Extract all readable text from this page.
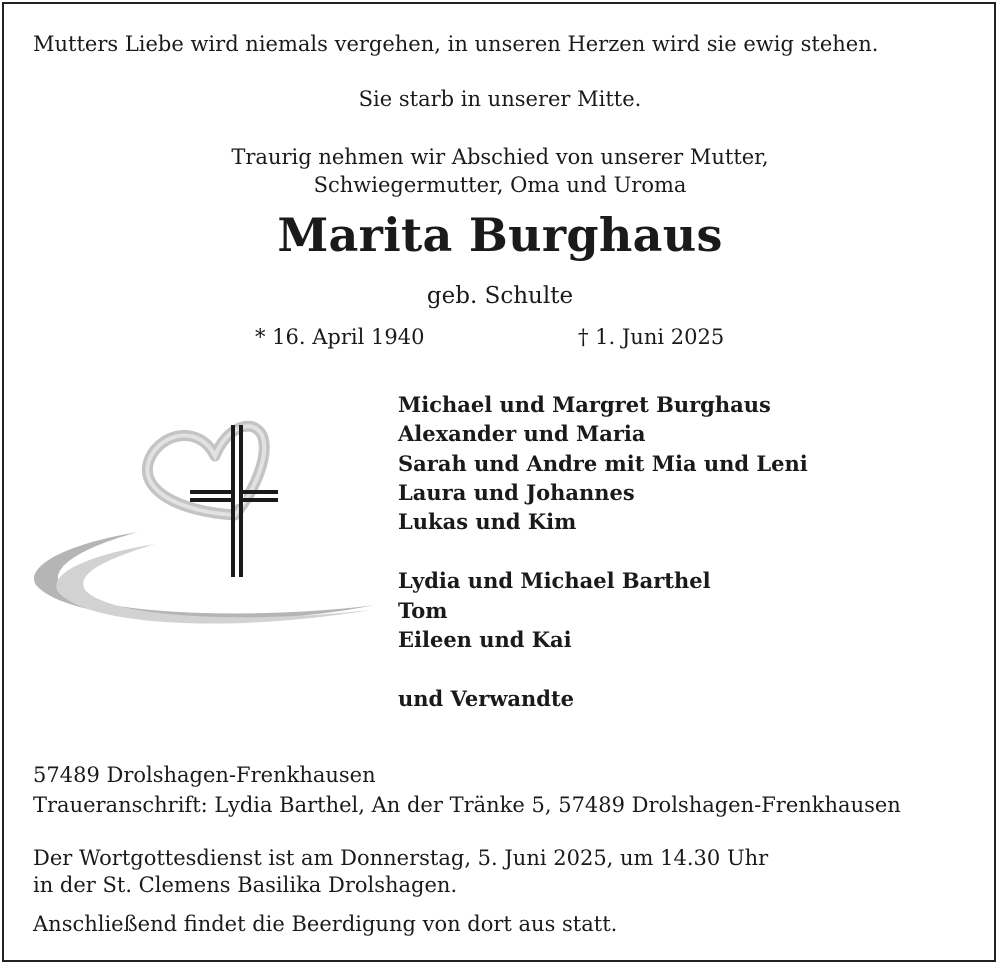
Mutters Liebe wird niemals vergehen, in unseren Herzen wird sie ewig stehen.
Sie starb in unserer Mitte.
Traurig nehmen wir Abschied von unserer Mutter,
Schwiegermutter, Oma und Uroma
Marita Burghaus
geb. Schulte
* 16. April 1940	† 1. Juni 2025
Michael und Margret Burghaus
Alexander und Maria
Sarah und Andre mit Mia und Leni
Laura und Johannes
Lukas und Kim
Lydia und Michael Barthel
Tom
Eileen und Kai
und Verwandte
57489 Drolshagen-Frenkhausen
Traueranschrift: Lydia Barthel, An der Tränke 5, 57489 Drolshagen-Frenkhausen
Der Wortgottesdienst ist am Donnerstag, 5. Juni 2025, um 14.30 Uhr
in der St. Clemens Basilika Drolshagen.
Anschließend findet die Beerdigung von dort aus statt.
